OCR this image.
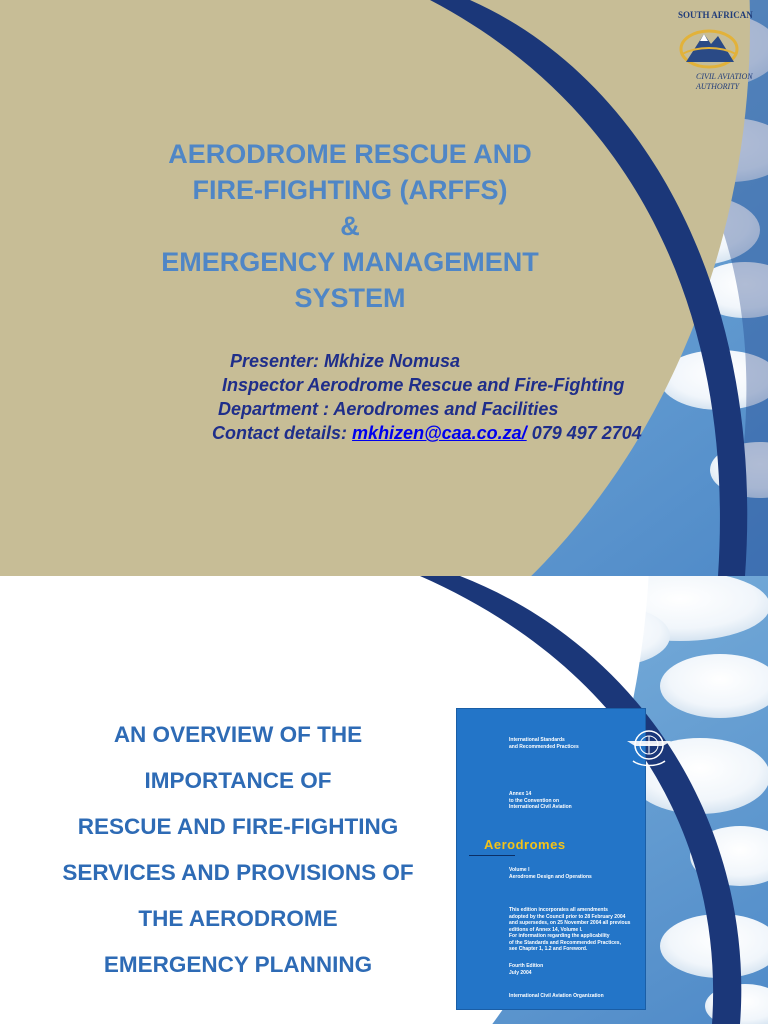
AERODROME RESCUE AND
FIRE-FIGHTING (ARFFS)
&
EMERGENCY MANAGEMENT
SYSTEM
Presenter: Mkhize Nomusa
Inspector Aerodrome Rescue and Fire-Fighting
Department : Aerodromes and Facilities
Contact details: mkhizen@caa.co.za/ 079 497 2704
SOUTH AFRICAN
CIVIL AVIATION
AUTHORITY
AN OVERVIEW OF THE
IMPORTANCE OF
RESCUE AND FIRE-FIGHTING
SERVICES AND PROVISIONS OF
THE AERODROME
EMERGENCY PLANNING
International Standards
and Recommended Practices
Annex 14
to the Convention on
International Civil Aviation
Aerodromes
Volume I
Aerodrome Design and Operations
This edition incorporates all amendments
adopted by the Council prior to 28 February 2004
and supersedes, on 25 November 2004 all previous
editions of Annex 14, Volume I.
For information regarding the applicability
of the Standards and Recommended Practices,
see Chapter 1, 1.2 and Foreword.
Fourth Edition
July 2004
International Civil Aviation Organization
